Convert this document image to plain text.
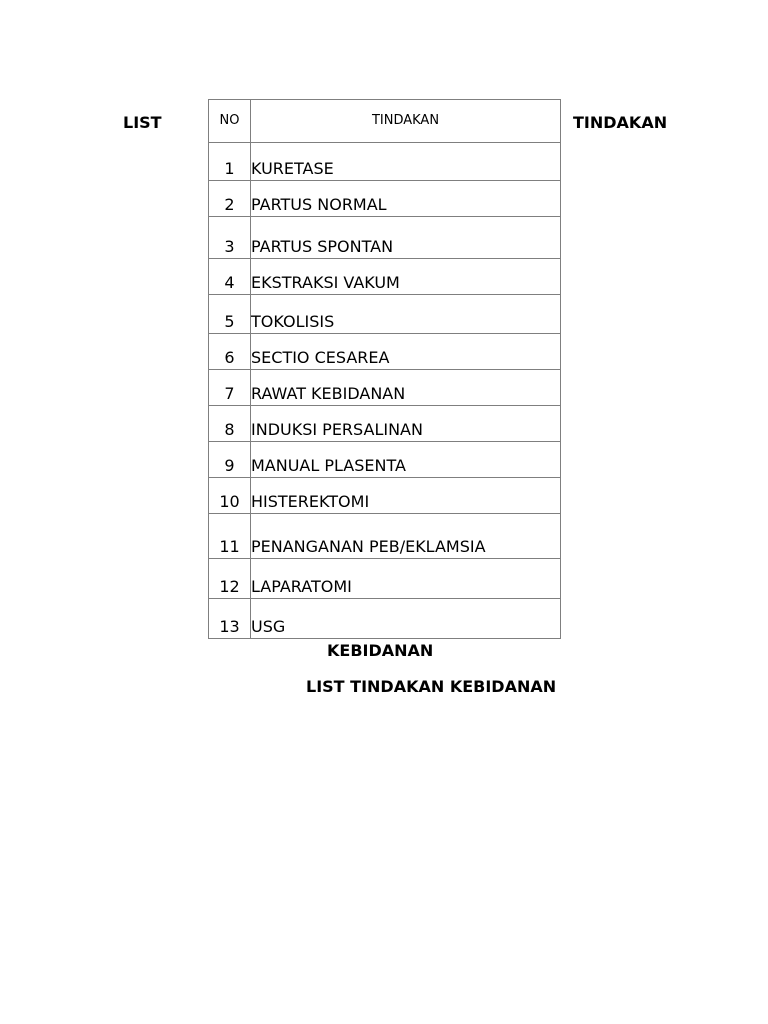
LIST	TINDAKAN
NO	TINDAKAN
1	KURETASE
2	PARTUS NORMAL
3	PARTUS SPONTAN
4	EKSTRAKSI VAKUM
5	TOKOLISIS
6	SECTIO CESAREA
7	RAWAT KEBIDANAN
8	INDUKSI PERSALINAN
9	MANUAL PLASENTA
10	HISTEREKTOMI
11	PENANGANAN PEB/EKLAMSIA
12	LAPARATOMI
13	USG
KEBIDANAN
LIST TINDAKAN KEBIDANAN
